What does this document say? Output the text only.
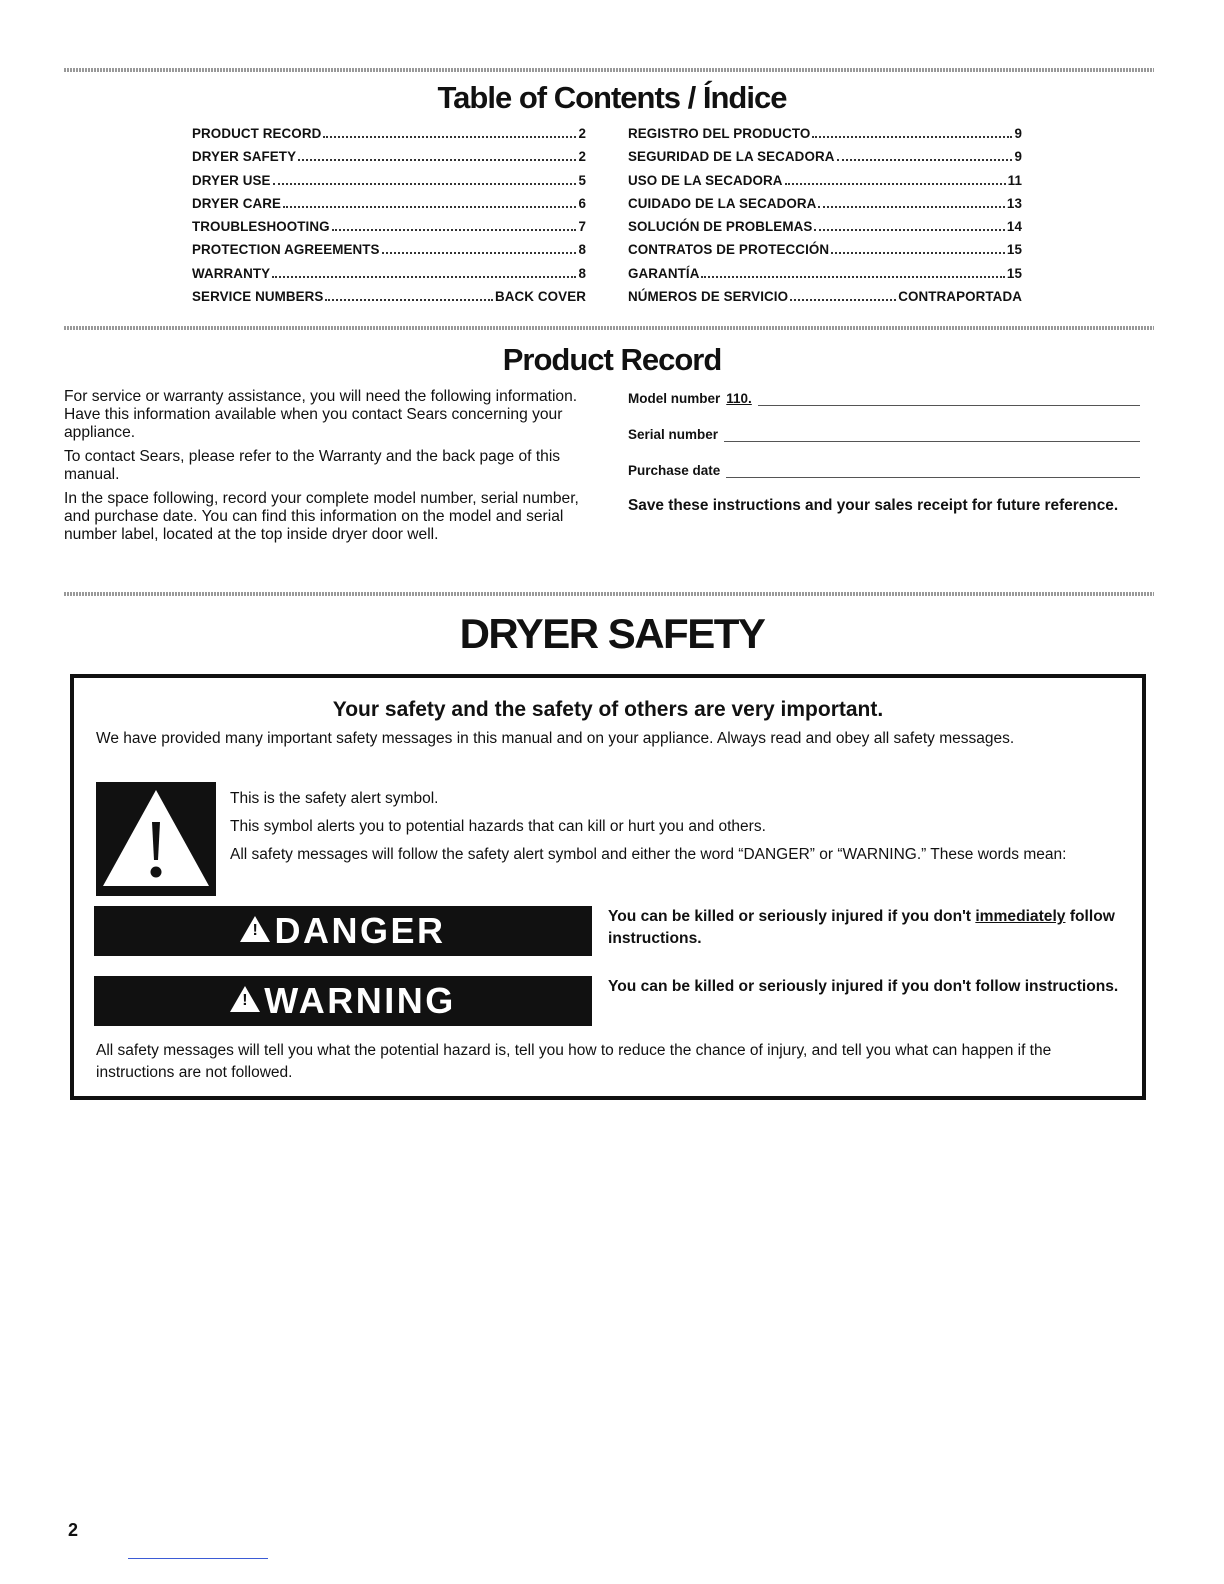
Table of Contents / Índice
PRODUCT RECORD	2
DRYER SAFETY	2
DRYER USE	5
DRYER CARE	6
TROUBLESHOOTING	7
PROTECTION AGREEMENTS	8
WARRANTY	8
SERVICE NUMBERS	BACK COVER
REGISTRO DEL PRODUCTO	9
SEGURIDAD DE LA SECADORA	9
USO DE LA SECADORA	11
CUIDADO DE LA SECADORA	13
SOLUCIÓN DE PROBLEMAS	14
CONTRATOS DE PROTECCIÓN	15
GARANTÍA	15
NÚMEROS DE SERVICIO	CONTRAPORTADA
Product Record

For service or warranty assistance, you will need the following information. Have this information available when you contact Sears concerning your appliance.

To contact Sears, please refer to the Warranty and the back page of this manual.

In the space following, record your complete model number, serial number, and purchase date. You can find this information on the model and serial number label, located at the top inside dryer door well.

Model number 110.
Serial number
Purchase date
Save these instructions and your sales receipt for future reference.
DRYER SAFETY
Your safety and the safety of others are very important.
We have provided many important safety messages in this manual and on your appliance. Always read and obey all safety messages.

This is the safety alert symbol.

This symbol alerts you to potential hazards that can kill or hurt you and others.

All safety messages will follow the safety alert symbol and either the word “DANGER” or “WARNING.” These words mean:

!
DANGER	You can be killed or seriously injured if you don't immediately follow instructions.
!
WARNING	You can be killed or seriously injured if you don't follow instructions.
All safety messages will tell you what the potential hazard is, tell you how to reduce the chance of injury, and tell you what can happen if the instructions are not followed.
2
